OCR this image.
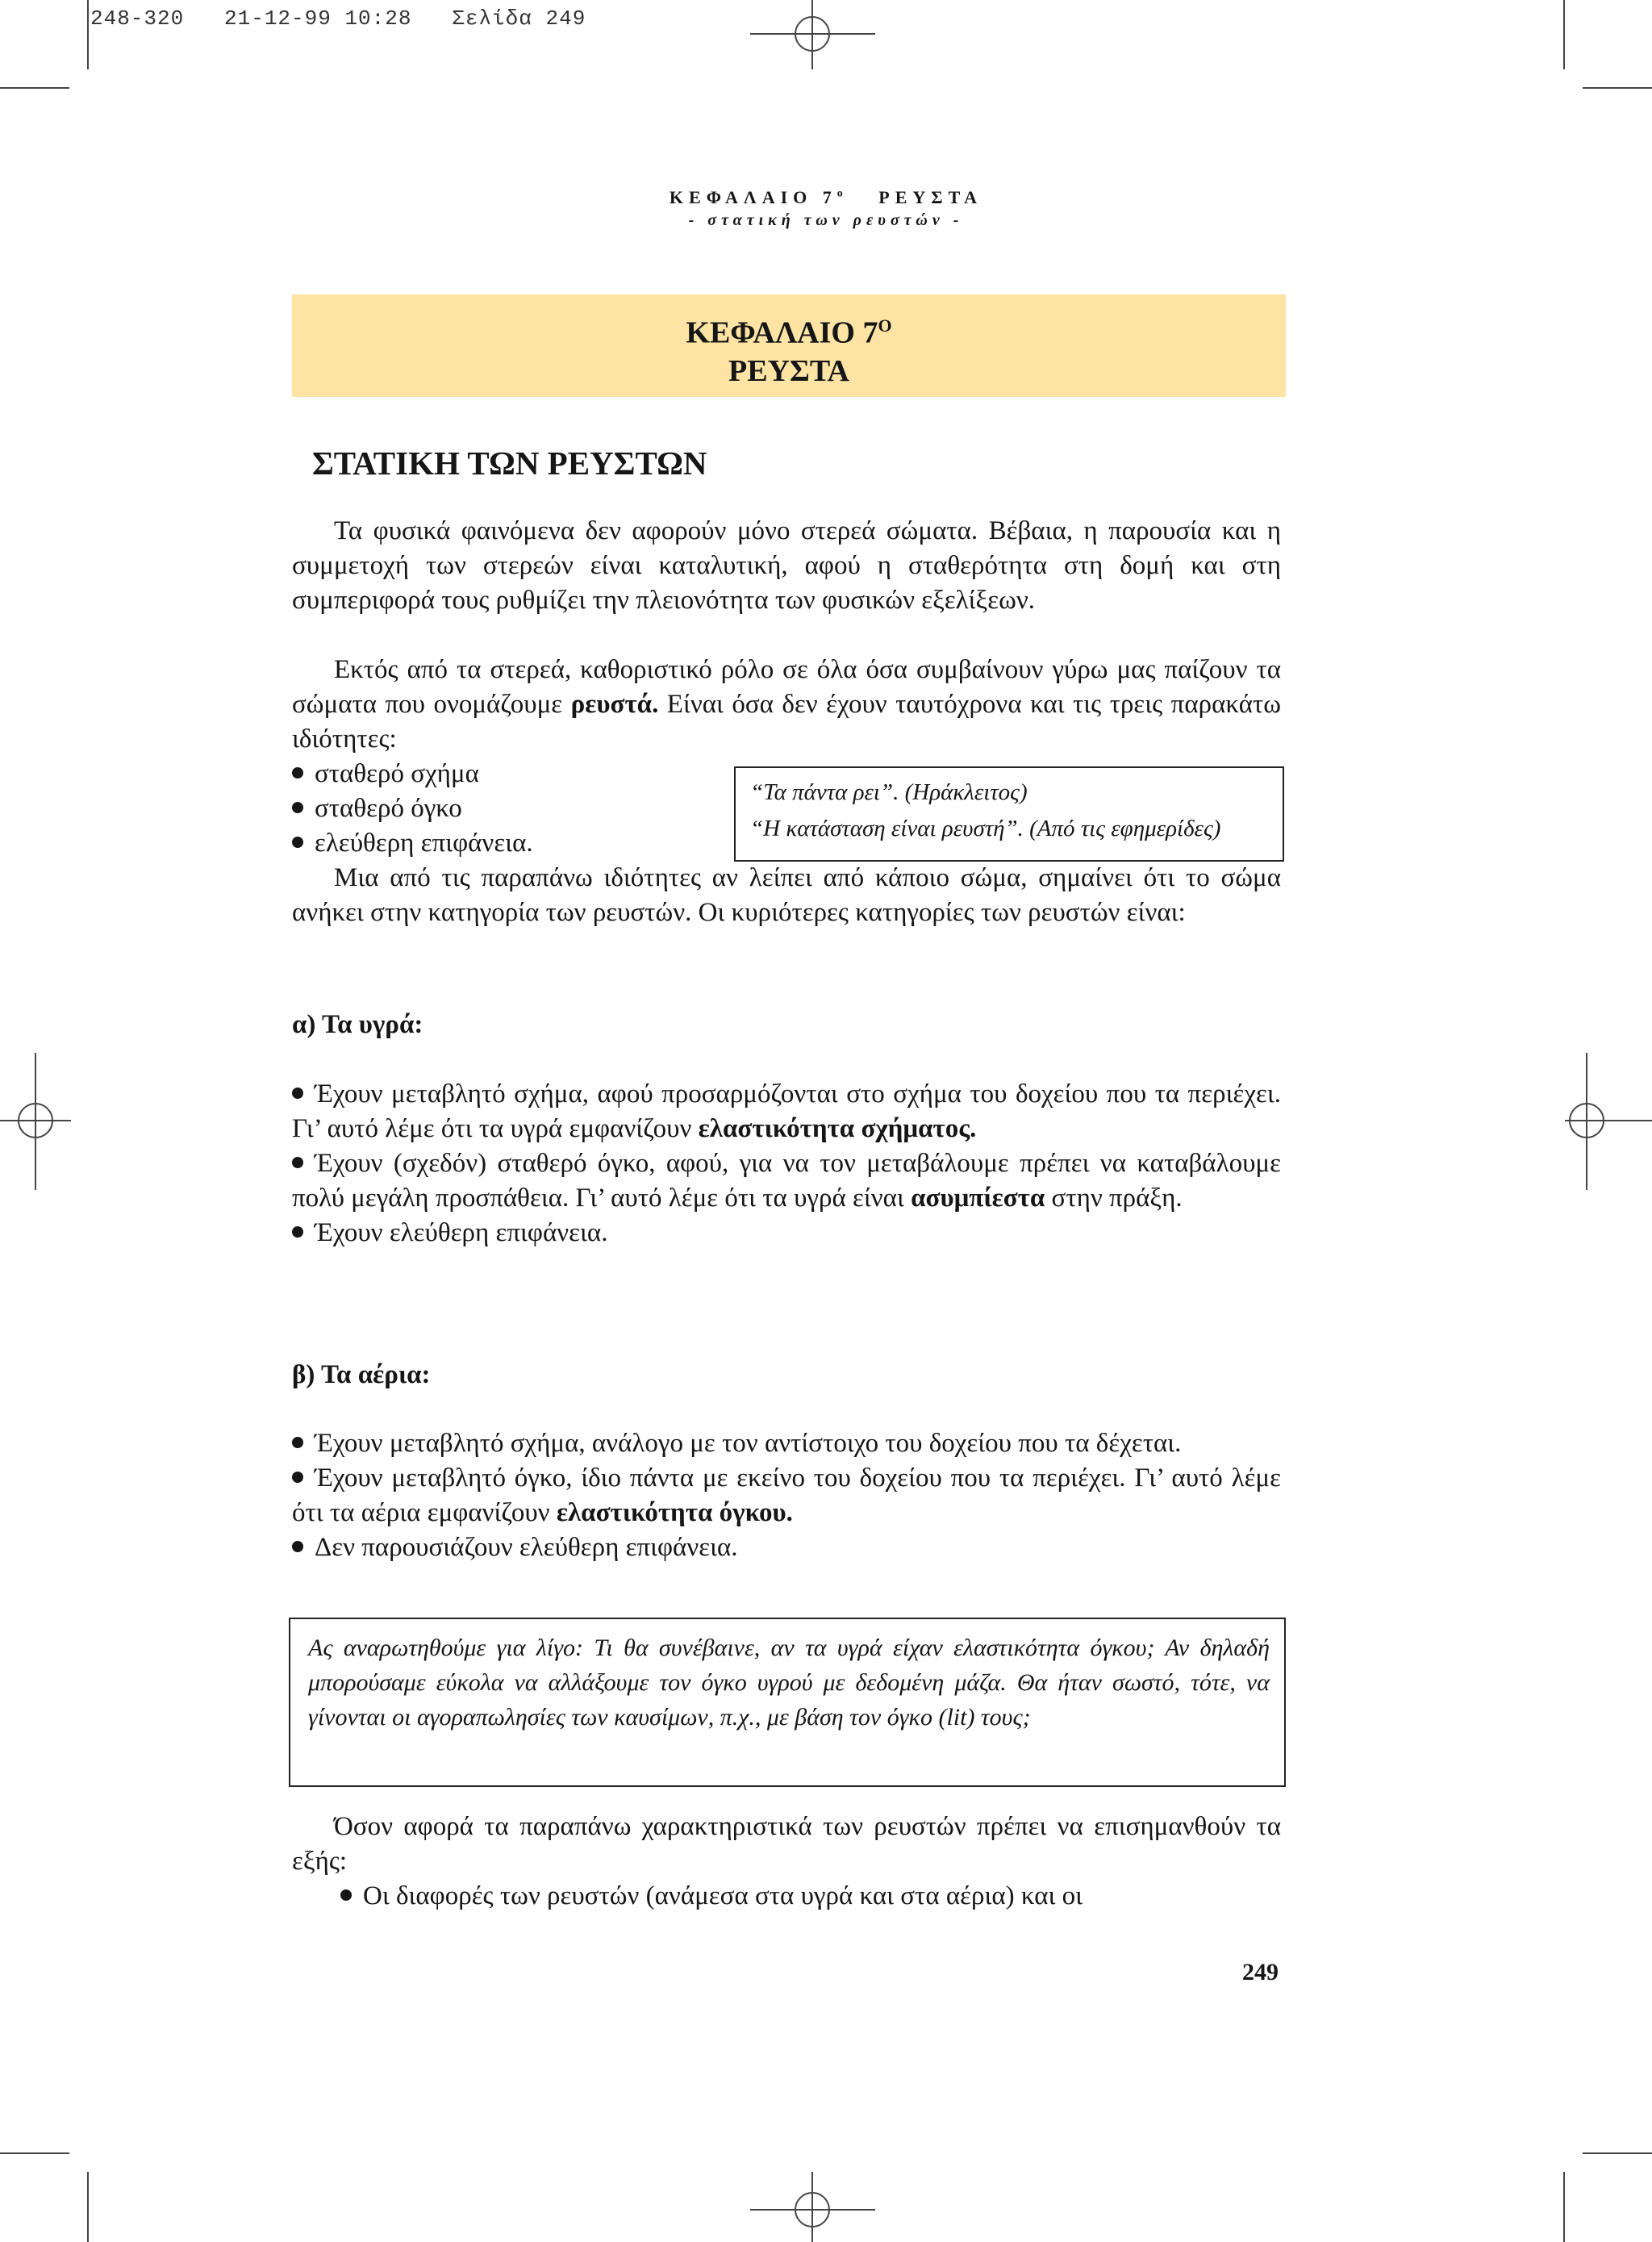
248-320   21-12-99 10:28   Σελίδα 249
ΚΕΦΑΛΑΙΟ $7^o$   ΡΕΥΣΤΑ
- στατική των ρευστών -
ΚΕΦΑΛΑΙΟ $7^O$
ΡΕΥΣΤΑ
ΣΤΑΤΙΚΗ ΤΩΝ ΡΕΥΣΤΩΝ
Τα φυσικά φαινόμενα δεν αφορούν μόνο στερεά σώματα. Βέβαια, η παρουσία και η συμμετοχή των στερεών είναι καταλυτική, αφού η σταθερότητα στη δομή και στη συμπεριφορά τους ρυθμίζει την πλειονότητα των φυσικών εξελίξεων.
Εκτός από τα στερεά, καθοριστικό ρόλο σε όλα όσα συμβαίνουν γύρω μας παίζουν τα σώματα που ονομάζουμε ρευστά. Είναι όσα δεν έχουν ταυτόχρονα και τις τρεις παρακάτω ιδιότητες:
σταθερό σχήμα
σταθερό όγκο
ελεύθερη επιφάνεια.
“Τα πάντα ρει”. (Ηράκλειτος)
“Η κατάσταση είναι ρευστή”. (Από τις εφημερίδες)
Μια από τις παραπάνω ιδιότητες αν λείπει από κάποιο σώμα, σημαίνει ότι το σώμα ανήκει στην κατηγορία των ρευστών. Οι κυριότερες κατηγορίες των ρευστών είναι:
α) Τα υγρά:
Έχουν μεταβλητό σχήμα, αφού προσαρμόζονται στο σχήμα του δοχείου που τα περιέχει. Γι’ αυτό λέμε ότι τα υγρά εμφανίζουν ελαστικότητα σχήματος.
Έχουν (σχεδόν) σταθερό όγκο, αφού, για να τον μεταβάλουμε πρέπει να καταβάλουμε πολύ μεγάλη προσπάθεια. Γι’ αυτό λέμε ότι τα υγρά είναι ασυμπίεστα στην πράξη.
Έχουν ελεύθερη επιφάνεια.
β) Τα αέρια:
Έχουν μεταβλητό σχήμα, ανάλογο με τον αντίστοιχο του δοχείου που τα δέχεται.
Έχουν μεταβλητό όγκο, ίδιο πάντα με εκείνο του δοχείου που τα περιέχει. Γι’ αυτό λέμε ότι τα αέρια εμφανίζουν ελαστικότητα όγκου.
Δεν παρουσιάζουν ελεύθερη επιφάνεια.
Ας αναρωτηθούμε για λίγο: Τι θα συνέβαινε, αν τα υγρά είχαν ελαστικότητα όγκου; Αν δηλαδή μπορούσαμε εύκολα να αλλάξουμε τον όγκο υγρού με δεδομένη μάζα. Θα ήταν σωστό, τότε, να γίνονται οι αγοραπωλησίες των καυσίμων, π.χ., με βάση τον όγκο (lit) τους;
Όσον αφορά τα παραπάνω χαρακτηριστικά των ρευστών πρέπει να επισημανθούν τα εξής:
Οι διαφορές των ρευστών (ανάμεσα στα υγρά και στα αέρια) και οι
249
